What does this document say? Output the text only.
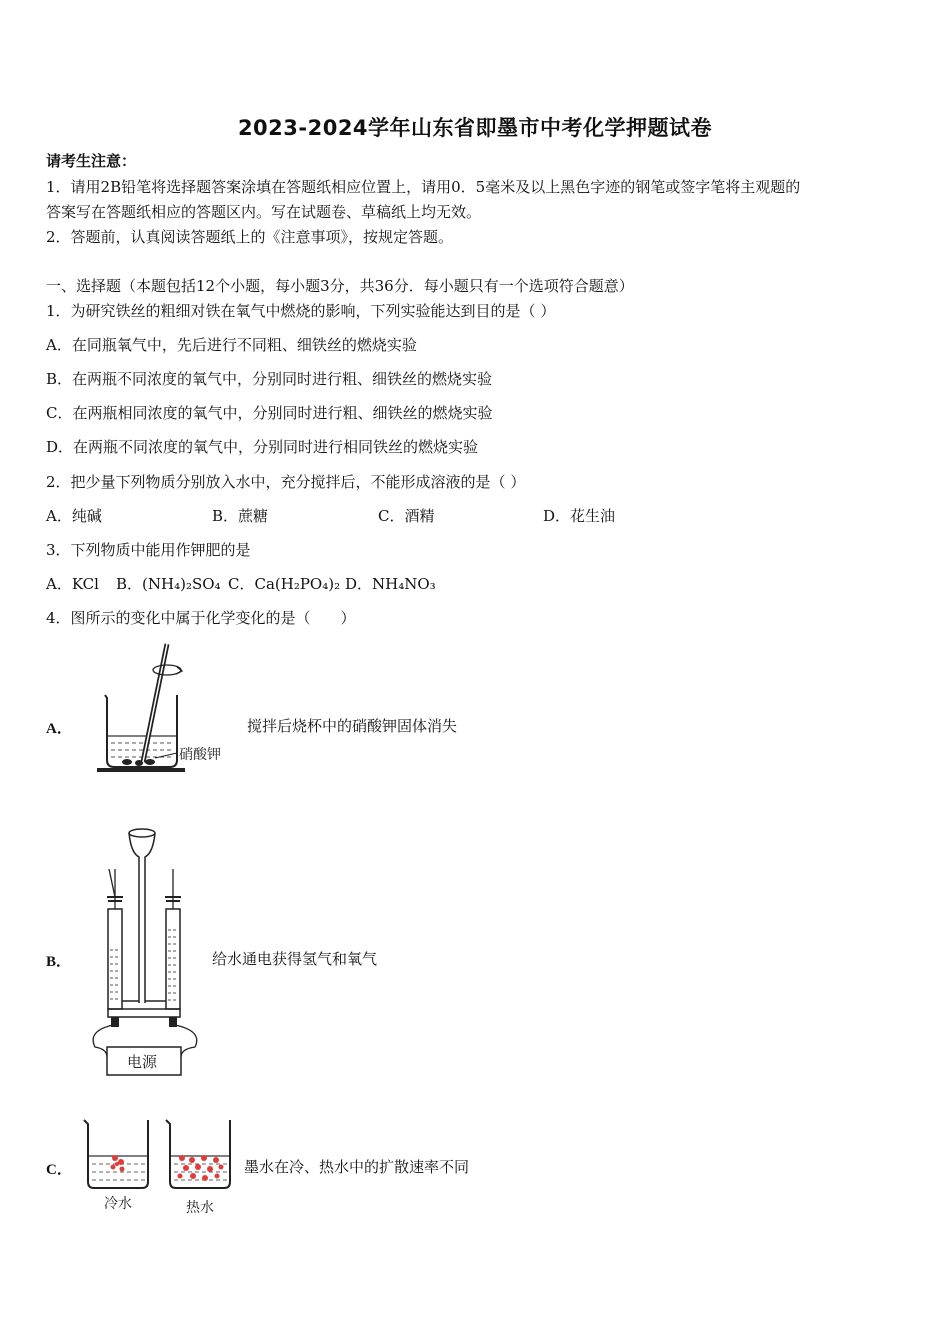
2023-2024学年山东省即墨市中考化学押题试卷
请考生注意：
1．请用2B铅笔将选择题答案涂填在答题纸相应位置上，请用0．5毫米及以上黑色字迹的钢笔或签字笔将主观题的
答案写在答题纸相应的答题区内。写在试题卷、草稿纸上均无效。
2．答题前，认真阅读答题纸上的《注意事项》，按规定答题。
一、选择题（本题包括12个小题，每小题3分，共36分．每小题只有一个选项符合题意）
1．为研究铁丝的粗细对铁在氧气中燃烧的影响，下列实验能达到目的是（ ）
A．在同瓶氧气中，先后进行不同粗、细铁丝的燃烧实验
B．在两瓶不同浓度的氧气中，分别同时进行粗、细铁丝的燃烧实验
C．在两瓶相同浓度的氧气中，分别同时进行粗、细铁丝的燃烧实验
D．在两瓶不同浓度的氧气中，分别同时进行相同铁丝的燃烧实验
2．把少量下列物质分别放入水中，充分搅拌后，不能形成溶液的是（ ）
A．纯碱	B．蔗糖	C．酒精	D．花生油
3．下列物质中能用作钾肥的是
A．KCl B．(NH₄)₂SO₄ C．Ca(H₂PO₄)₂ D．NH₄NO₃
4．图所示的变化中属于化学变化的是（　　）
A．	搅拌后烧杯中的硝酸钾固体消失
硝酸钾
B．	给水通电获得氢气和氧气
电源
C．	墨水在冷、热水中的扩散速率不同
冷水	热水
